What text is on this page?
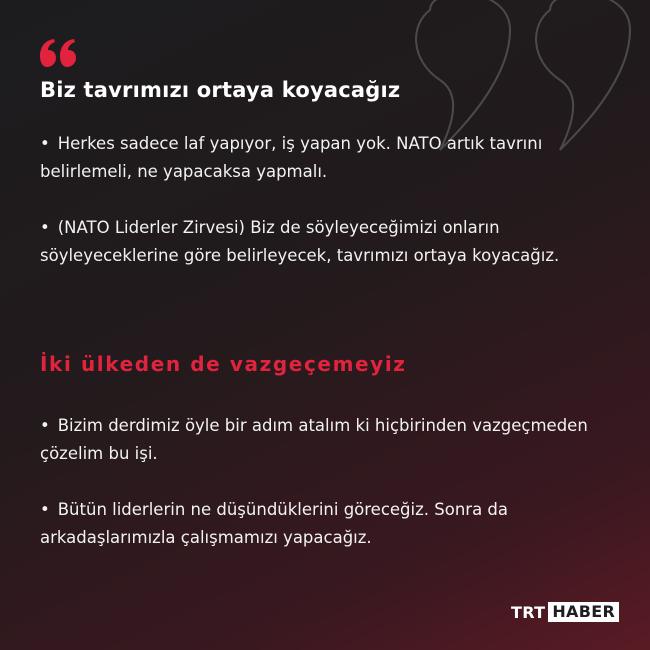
Biz tavrımızı ortaya koyacağız
• Herkes sadece laf yapıyor, iş yapan yok. NATO artık tavrını belirlemeli, ne yapacaksa yapmalı.
• (NATO Liderler Zirvesi) Biz de söyleyeceğimizi onların söyleyeceklerine göre belirleyecek, tavrımızı ortaya koyacağız.
İki ülkeden de vazgeçemeyiz
• Bizim derdimiz öyle bir adım atalım ki hiçbirinden vazgeçmeden çözelim bu işi.
• Bütün liderlerin ne düşündüklerini göreceğiz. Sonra da arkadaşlarımızla çalışmamızı yapacağız.
TRT HABER
